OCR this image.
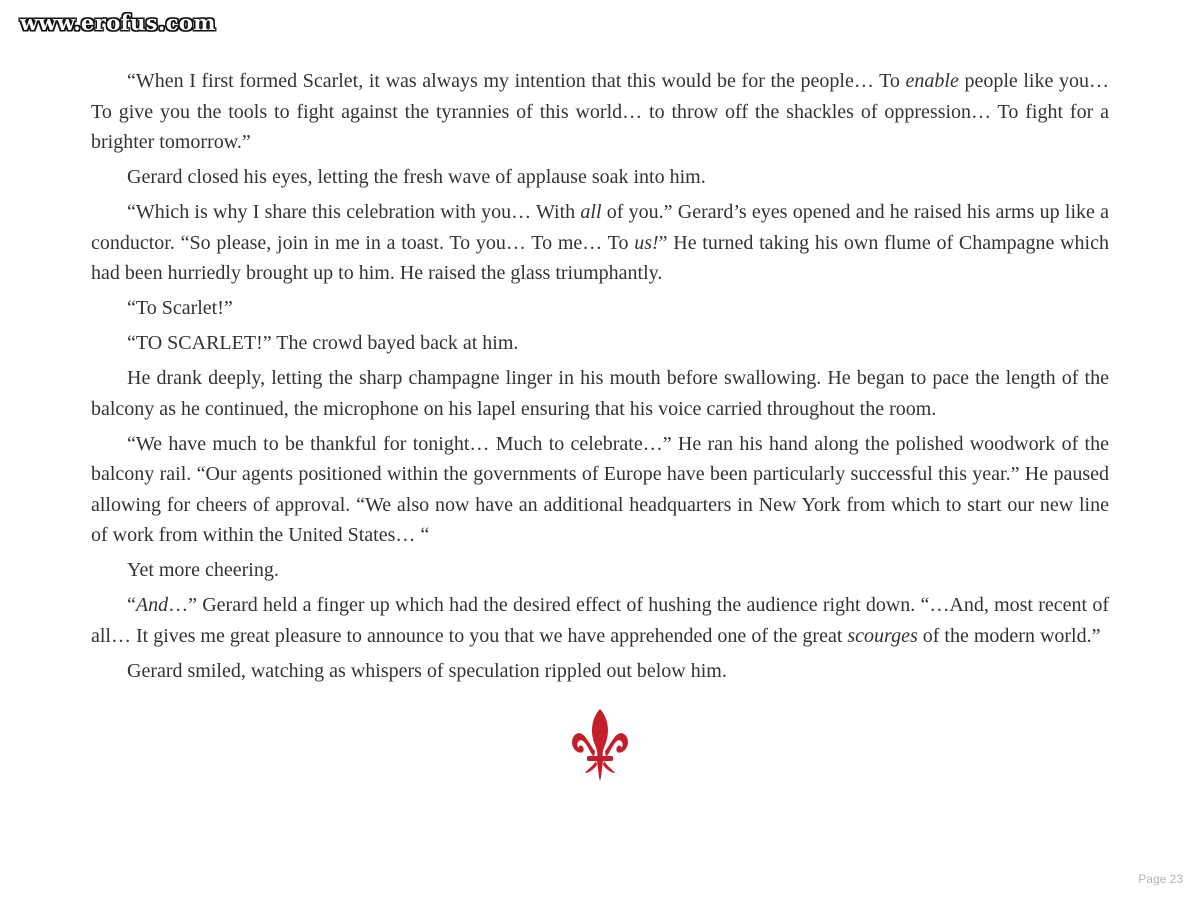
www.erofus.com

“When I first formed Scarlet, it was always my intention that this would be for the people… To enable people like you… To give you the tools to fight against the tyrannies of this world… to throw off the shackles of oppression… To fight for a brighter tomorrow.”

Gerard closed his eyes, letting the fresh wave of applause soak into him.

“Which is why I share this celebration with you… With all of you.” Gerard’s eyes opened and he raised his arms up like a conductor. “So please, join in me in a toast. To you… To me… To us!” He turned taking his own flume of Champagne which had been hurriedly brought up to him. He raised the glass triumphantly.

“To Scarlet!”

“TO SCARLET!” The crowd bayed back at him.

He drank deeply, letting the sharp champagne linger in his mouth before swallowing. He began to pace the length of the balcony as he continued, the microphone on his lapel ensuring that his voice carried throughout the room.

“We have much to be thankful for tonight… Much to celebrate…” He ran his hand along the polished woodwork of the balcony rail. “Our agents positioned within the governments of Europe have been particularly successful this year.” He paused allowing for cheers of approval. “We also now have an additional headquarters in New York from which to start our new line of work from within the United States… “

Yet more cheering.

“And…” Gerard held a finger up which had the desired effect of hushing the audience right down. “…And, most recent of all… It gives me great pleasure to announce to you that we have apprehended one of the great scourges of the modern world.”

Gerard smiled, watching as whispers of speculation rippled out below him.

Page 23
